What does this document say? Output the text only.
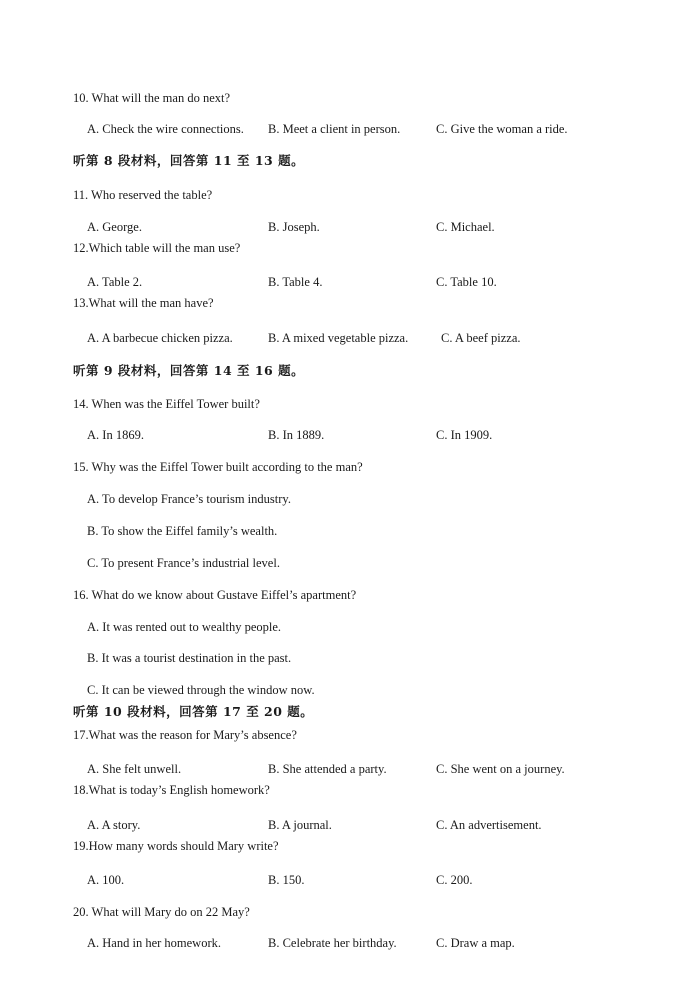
10. What will the man do next?
A. Check the wire connections. B. Meet a client in person.	C. Give the woman a ride.
听第 8 段材料，回答第 11 至 13 题。
11. Who reserved the table?
A. George.	B. Joseph.	C. Michael.
12.Which table will the man use?
A. Table 2.	B. Table 4.	C. Table 10.
13.What will the man have?
A. A barbecue chicken pizza.	B. A mixed vegetable pizza.	C. A beef pizza.
听第 9 段材料，回答第 14 至 16 题。
14. When was the Eiffel Tower built?
A. In 1869.	B. In 1889.	C. In 1909.
15. Why was the Eiffel Tower built according to the man?
A. To develop France’s tourism industry.
B. To show the Eiffel family’s wealth.
C. To present France’s industrial level.
16. What do we know about Gustave Eiffel’s apartment?
A. It was rented out to wealthy people.
B. It was a tourist destination in the past.
C. It can be viewed through the window now.
听第 10 段材料，回答第 17 至 20 题。
17.What was the reason for Mary’s absence?
A. She felt unwell.	B. She attended a party.	C. She went on a journey.
18.What is today’s English homework?
A. A story.	B. A journal.	C. An advertisement.
19.How many words should Mary write?
A. 100.	B. 150.	C. 200.
20. What will Mary do on 22 May?
A. Hand in her homework.	B. Celebrate her birthday.	C. Draw a map.
